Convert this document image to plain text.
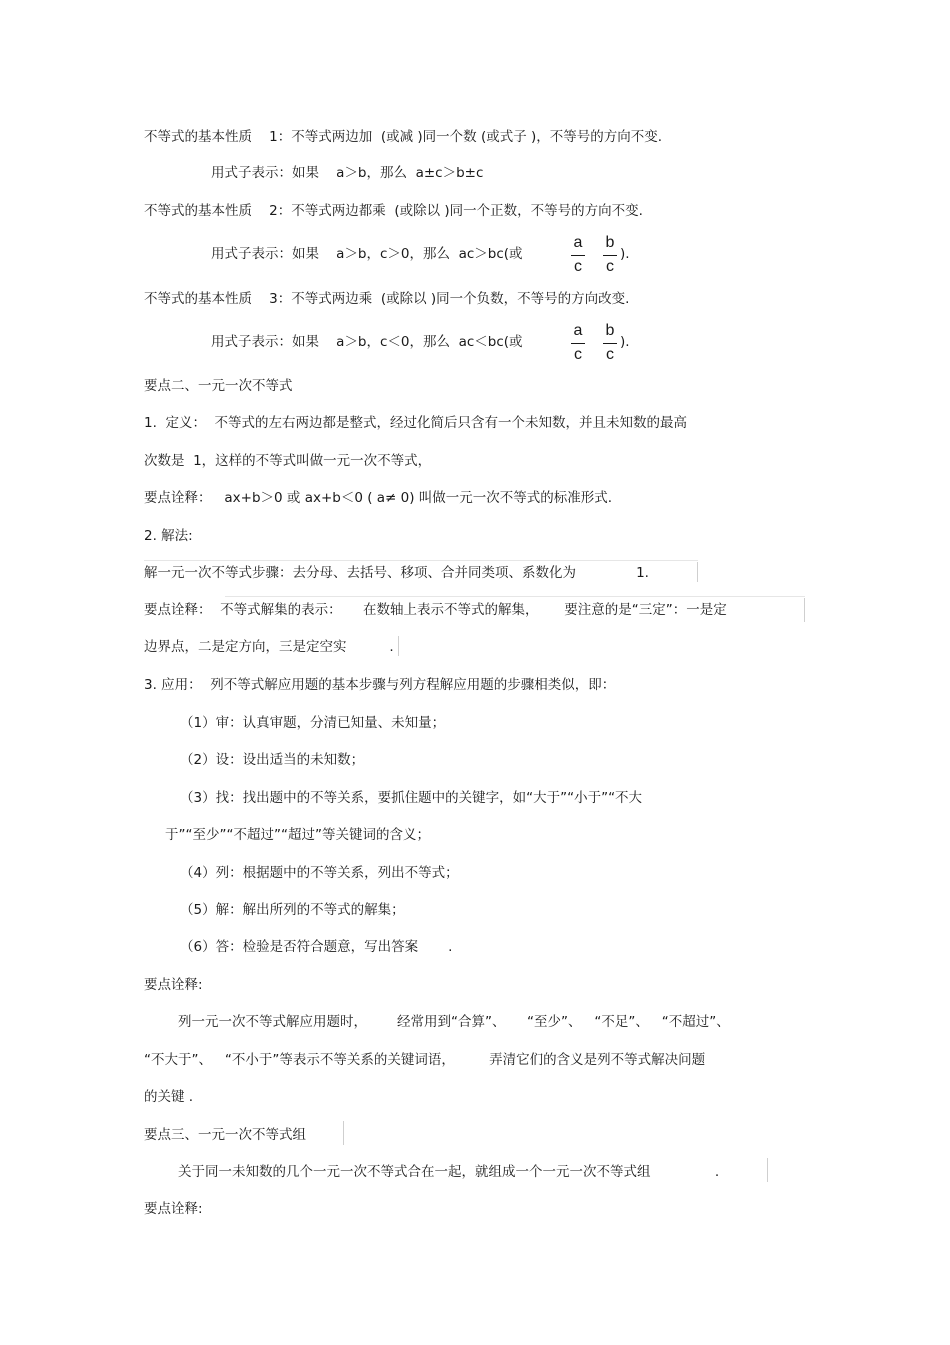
不等式的基本性质    1：不等式两边加  (或减 )同一个数 (或式子 )，不等号的方向不变.
用式子表示：如果    a＞b，那么  a±c＞b±c
不等式的基本性质    2：不等式两边都乘  (或除以 )同一个正数，不等号的方向不变.
用式子表示：如果    a＞b，c＞0，那么  ac＞bc(或
a
c
b
c
).
不等式的基本性质    3：不等式两边乘  (或除以 )同一个负数，不等号的方向改变.
用式子表示：如果    a＞b，c＜0，那么  ac＜bc(或
a
c
b
c
).
要点二、一元一次不等式
1.  定义：  不等式的左右两边都是整式，经过化简后只含有一个未知数，并且未知数的最高
次数是  1，这样的不等式叫做一元一次不等式，
要点诠释：   ax+b＞0 或 ax+b＜0 ( a≠ 0) 叫做一元一次不等式的标准形式.
2. 解法:
解一元一次不等式步骤：去分母、去括号、移项、合并同类项、系数化为              1.
要点诠释：  不等式解集的表示：     在数轴上表示不等式的解集，      要注意的是“三定”：一是定
边界点，二是定方向，三是定空实          .
3. 应用：  列不等式解应用题的基本步骤与列方程解应用题的步骤相类似，即：
（1）审：认真审题，分清已知量、未知量；
（2）设：设出适当的未知数；
（3）找：找出题中的不等关系，要抓住题中的关键字，如“大于”“小于”“不大
于”“至少”“不超过”“超过”等关键词的含义；
（4）列：根据题中的不等关系，列出不等式；
（5）解：解出所列的不等式的解集；
（6）答：检验是否符合题意，写出答案       .
要点诠释:
列一元一次不等式解应用题时，       经常用到“合算”、     “至少”、   “不足”、   “不超过”、
“不大于”、   “不小于”等表示不等关系的关键词语，        弄清它们的含义是列不等式解决问题
的关键 .
要点三、一元一次不等式组
关于同一未知数的几个一元一次不等式合在一起，就组成一个一元一次不等式组               .
要点诠释:
